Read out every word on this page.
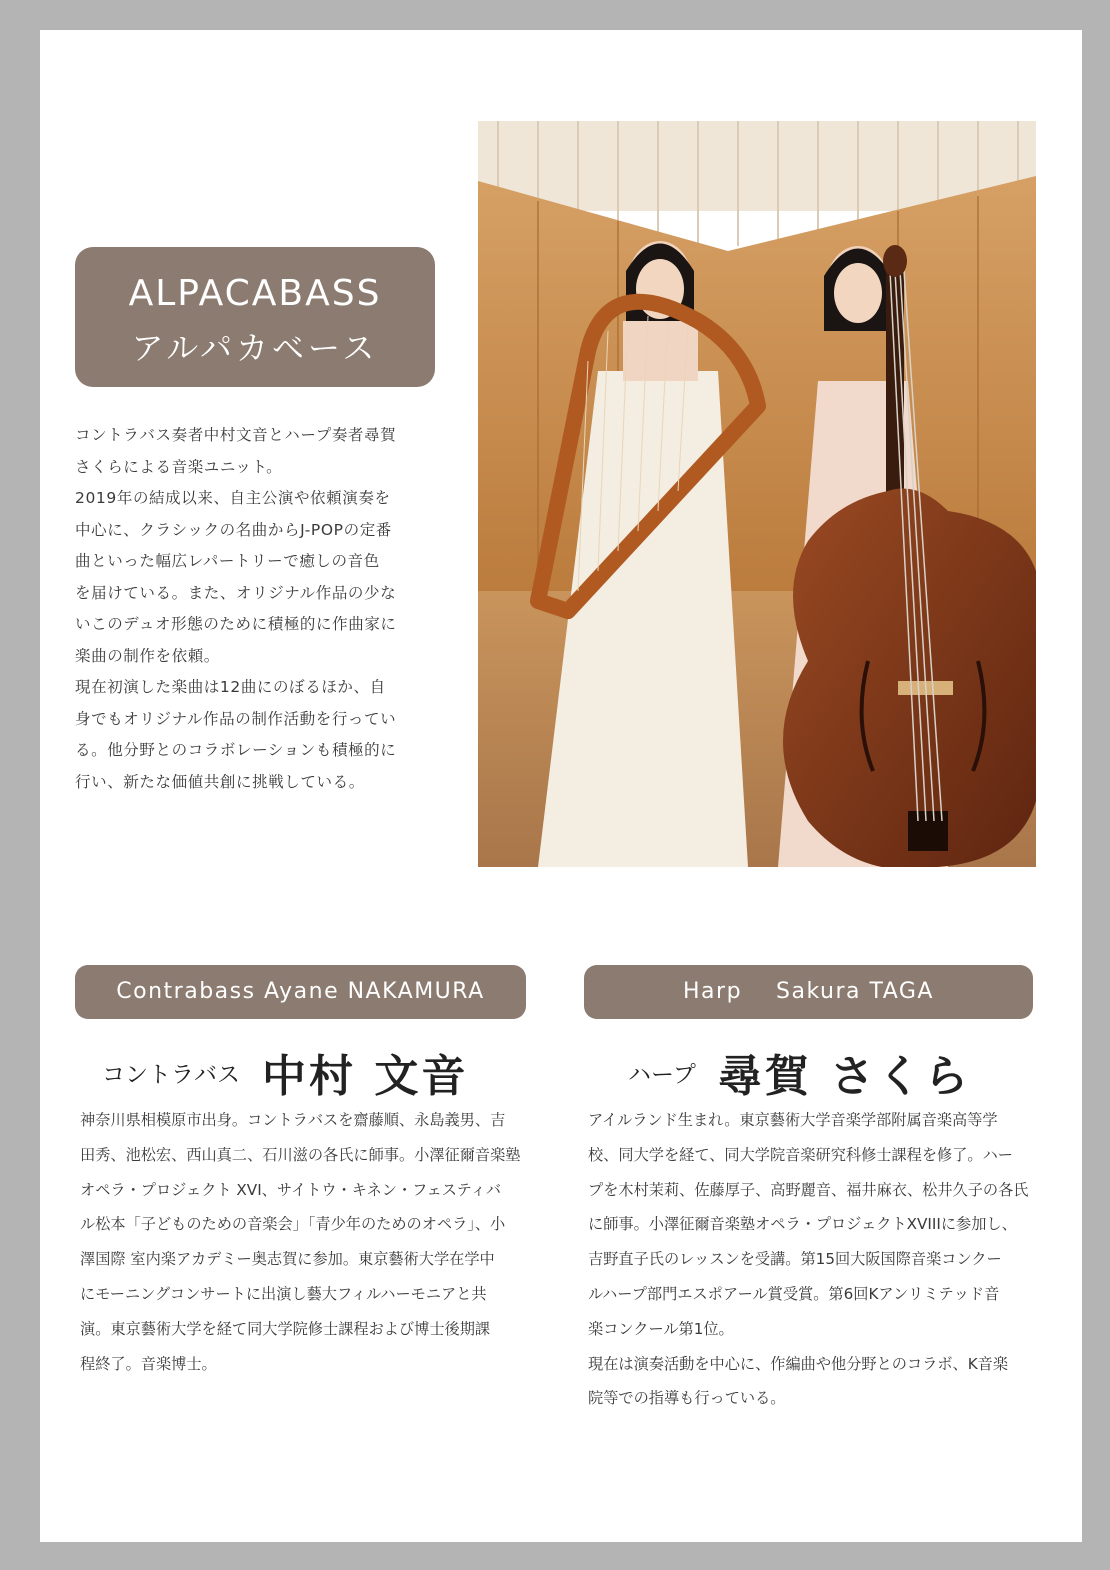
ALPACABASS
アルパカベース

コントラバス奏者中村文音とハープ奏者尋賀

さくらによる音楽ユニット。

2019年の結成以来、自主公演や依頼演奏を

中心に、クラシックの名曲からJ-POPの定番

曲といった幅広レパートリーで癒しの音色

を届けている。また、オリジナル作品の少な

いこのデュオ形態のために積極的に作曲家に

楽曲の制作を依頼。

現在初演した楽曲は12曲にのぼるほか、自

身でもオリジナル作品の制作活動を行ってい

る。他分野とのコラボレーションも積極的に

行い、新たな価値共創に挑戦している。

Contrabass Ayane NAKAMURA
コントラバス 中村 文音

神奈川県相模原市出身。コントラバスを齋藤順、永島義男、吉

田秀、池松宏、西山真二、石川滋の各氏に師事。小澤征爾音楽塾

オペラ・プロジェクト XVI、サイトウ・キネン・フェスティバ

ル松本「子どものための音楽会」「青少年のためのオペラ」、小

澤国際 室内楽アカデミー奥志賀に参加。東京藝術大学在学中

にモーニングコンサートに出演し藝大フィルハーモニアと共

演。東京藝術大学を経て同大学院修士課程および博士後期課

程終了。音楽博士。

Harp    Sakura TAGA
ハープ 尋賀 さくら

アイルランド生まれ。東京藝術大学音楽学部附属音楽高等学

校、同大学を経て、同大学院音楽研究科修士課程を修了。ハー

プを木村茉莉、佐藤厚子、高野麗音、福井麻衣、松井久子の各氏

に師事。小澤征爾音楽塾オペラ・プロジェクトXVIIIに参加し、

吉野直子氏のレッスンを受講。第15回大阪国際音楽コンクー

ルハープ部門エスポアール賞受賞。第6回Kアンリミテッド音

楽コンクール第1位。

現在は演奏活動を中心に、作編曲や他分野とのコラボ、K音楽

院等での指導も行っている。
